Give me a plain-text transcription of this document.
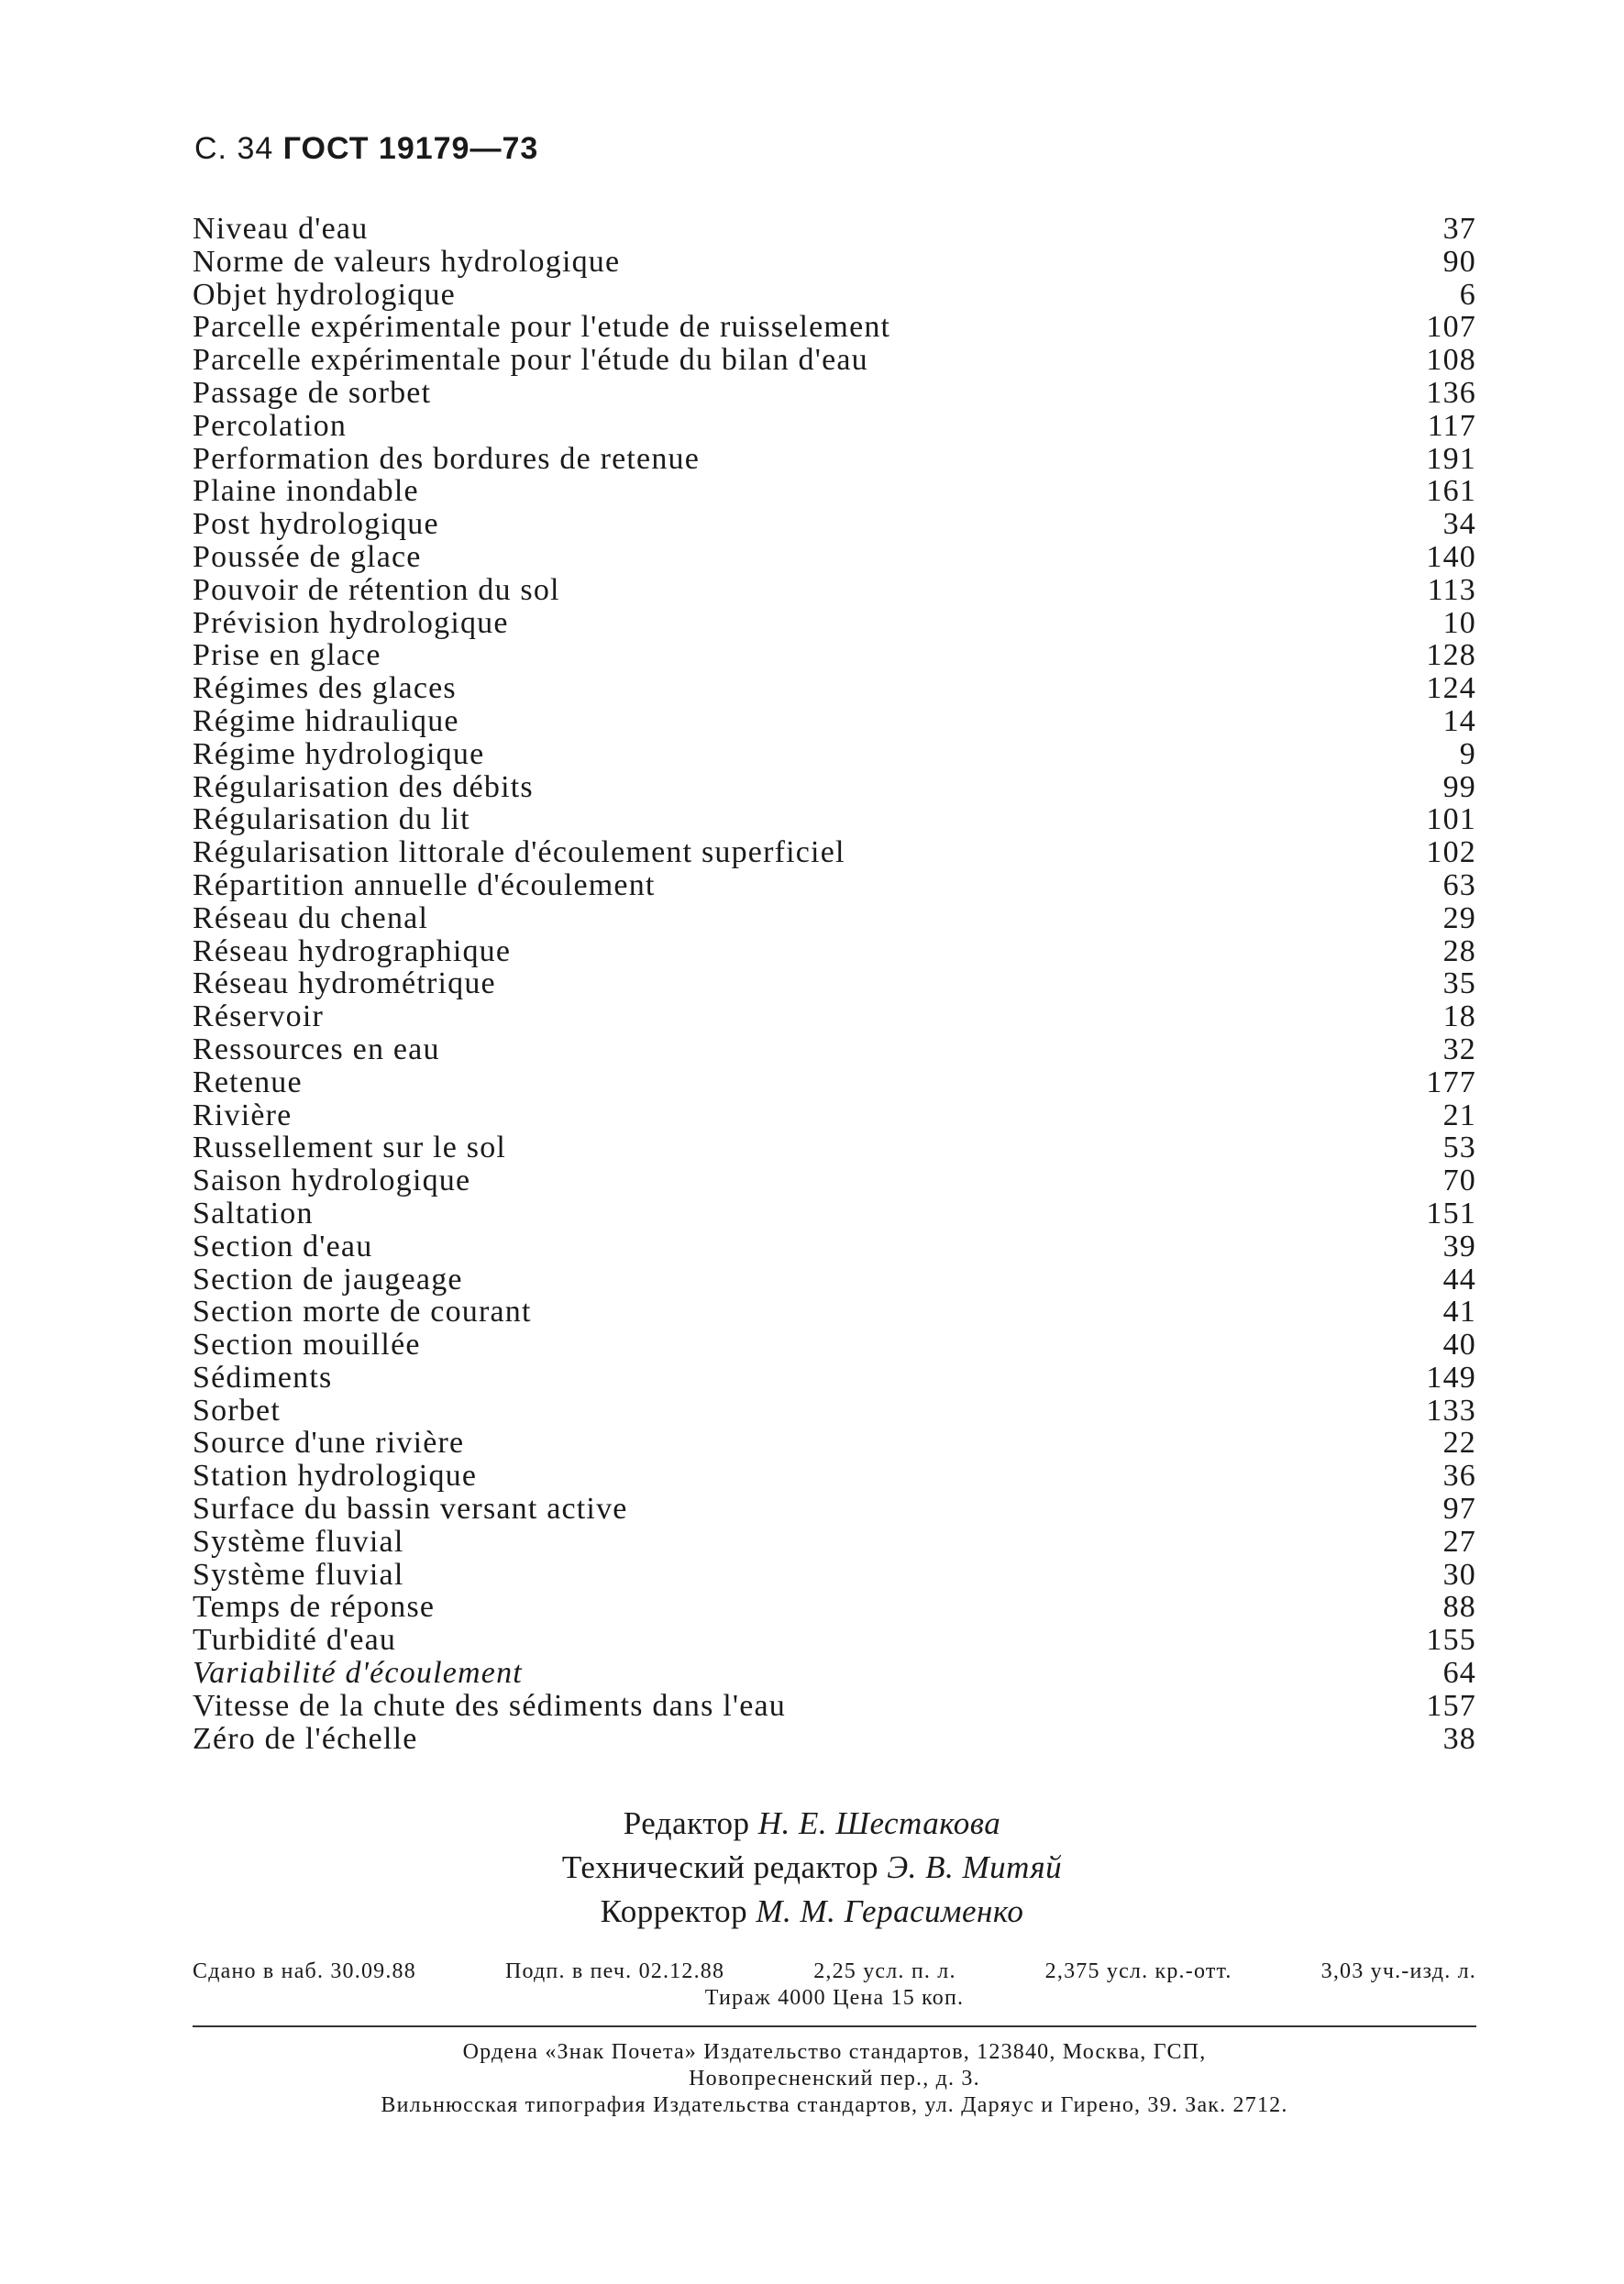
С. 34 ГОСТ 19179—73
Niveau d'eau	37
Norme de valeurs hydrologique	90
Objet hydrologique	6
Parcelle expérimentale pour l'etude de ruisselement	107
Parcelle expérimentale pour l'étude du bilan d'eau	108
Passage de sorbet	136
Percolation	117
Performation des bordures de retenue	191
Plaine inondable	161
Post hydrologique	34
Poussée de glace	140
Pouvoir de rétention du sol	113
Prévision hydrologique	10
Prise en glace	128
Régimes des glaces	124
Régime hidraulique	14
Régime hydrologique	9
Régularisation des débits	99
Régularisation du lit	101
Régularisation littorale d'écoulement superficiel	102
Répartition annuelle d'écoulement	63
Réseau du chenal	29
Réseau hydrographique	28
Réseau hydrométrique	35
Réservoir	18
Ressources en eau	32
Retenue	177
Rivière	21
Russellement sur le sol	53
Saison hydrologique	70
Saltation	151
Section d'eau	39
Section de jaugeage	44
Section morte de courant	41
Section mouillée	40
Sédiments	149
Sorbet	133
Source d'une rivière	22
Station hydrologique	36
Surface du bassin versant active	97
Système fluvial	27
Système fluvial	30
Temps de réponse	88
Turbidité d'eau	155
Variabilité d'écoulement	64
Vitesse de la chute des sédiments dans l'eau	157
Zéro de l'échelle	38
Редактор Н. Е. Шестакова
Технический редактор Э. В. Митяй
Корректор М. М. Герасименко
Сдано в наб. 30.09.88	Подп. в печ. 02.12.88	2,25 усл. п. л.	2,375 усл. кр.-отт.	3,03 уч.-изд. л.
Тираж 4000 Цена 15 коп.
Ордена «Знак Почета» Издательство стандартов, 123840, Москва, ГСП,
Новопресненский пер., д. 3.
Вильнюсская типография Издательства стандартов, ул. Даряус и Гирено, 39. Зак. 2712.
